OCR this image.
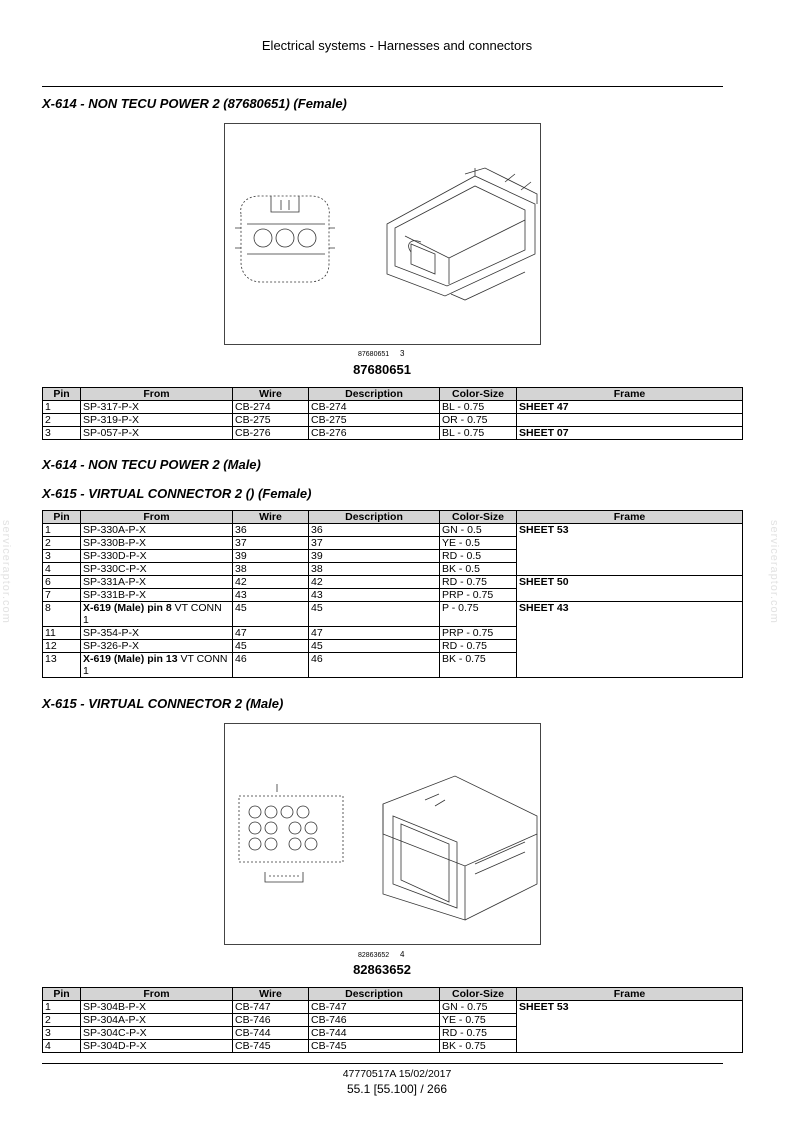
Electrical systems - Harnesses and connectors
serviceraptor.com	serviceraptor.com
X-614 - NON TECU POWER 2 (87680651) (Female)
87680651 3
87680651
Pin	From	Wire	Description	Color-Size	Frame
1	SP-317-P-X	CB-274	CB-274	BL - 0.75	SHEET 47
2	SP-319-P-X	CB-275	CB-275	OR - 0.75	
3	SP-057-P-X	CB-276	CB-276	BL - 0.75	SHEET 07
X-614 - NON TECU POWER 2 (Male)
X-615 - VIRTUAL CONNECTOR 2 () (Female)
Pin	From	Wire	Description	Color-Size	Frame
1	SP-330A-P-X	36	36	GN - 0.5	SHEET 53
2	SP-330B-P-X	37	37	YE - 0.5	
3	SP-330D-P-X	39	39	RD - 0.5	
4	SP-330C-P-X	38	38	BK - 0.5	
6	SP-331A-P-X	42	42	RD - 0.75	SHEET 50
7	SP-331B-P-X	43	43	PRP - 0.75	
8	X-619 (Male) pin 8 VT CONN 1	45	45	P - 0.75	SHEET 43
11	SP-354-P-X	47	47	PRP - 0.75	
12	SP-326-P-X	45	45	RD - 0.75	
13	X-619 (Male) pin 13 VT CONN 1	46	46	BK - 0.75	
X-615 - VIRTUAL CONNECTOR 2 (Male)
82863652 4
82863652
Pin	From	Wire	Description	Color-Size	Frame
1	SP-304B-P-X	CB-747	CB-747	GN - 0.75	SHEET 53
2	SP-304A-P-X	CB-746	CB-746	YE - 0.75	
3	SP-304C-P-X	CB-744	CB-744	RD - 0.75	
4	SP-304D-P-X	CB-745	CB-745	BK - 0.75	
47770517A 15/02/2017
55.1 [55.100] / 266
